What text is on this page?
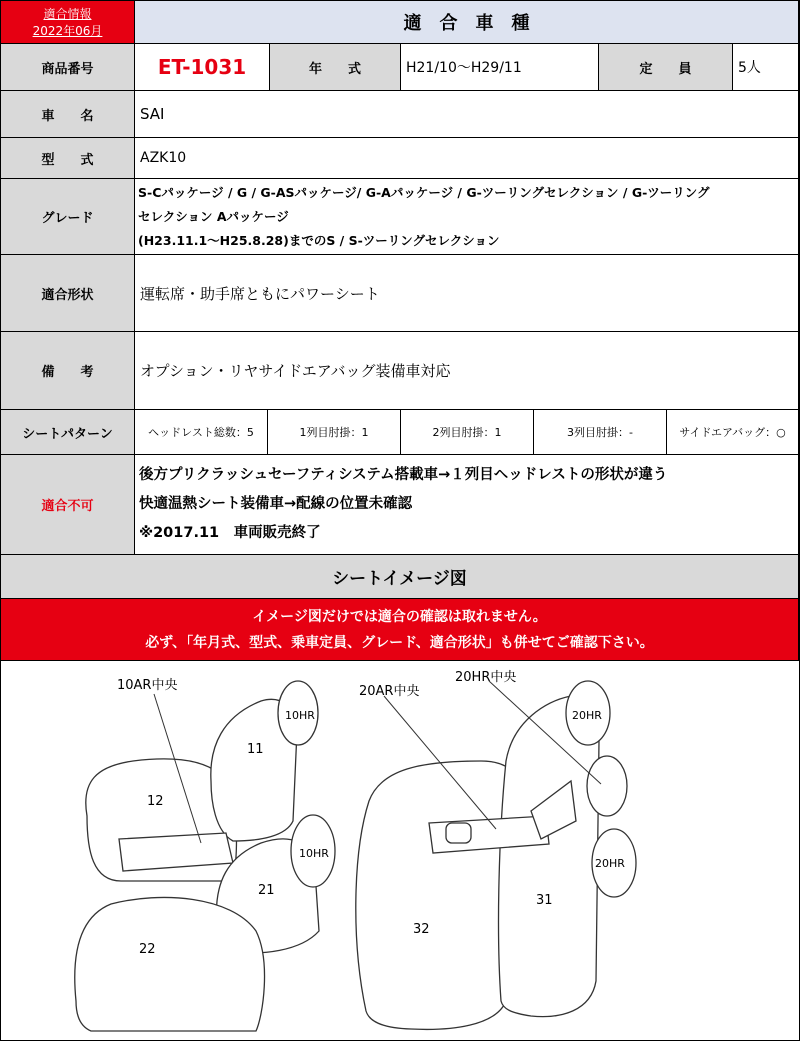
適合情報
2022年06月	適　合　車　種
商品番号	ET-1031	年　　式	H21/10〜H29/11	定　　員	5人
車　　名	SAI
型　　式	AZK10
グレード
S-Cパッケージ / G / G-ASパッケージ/ G-Aパッケージ / G-ツーリングセレクション / G-ツーリング
セレクション Aパッケージ
(H23.11.1〜H25.8.28)までのS / S-ツーリングセレクション
適合形状	運転席・助手席ともにパワーシート
備　　考	オプション・リヤサイドエアバッグ装備車対応
シートパターン	ヘッドレスト総数：5	1列目肘掛：1	2列目肘掛：1	3列目肘掛：-	サイドエアバッグ：○
適合不可
後方プリクラッシュセーフティシステム搭載車→１列目ヘッドレストの形状が違う
快適温熱シート装備車→配線の位置未確認
※2017.11　車両販売終了
シートイメージ図
イメージ図だけでは適合の確認は取れません。
必ず、「年月式、型式、乗車定員、グレード、適合形状」も併せてご確認下さい。
10AR中央
10HR
11
12
10HR
21
22
20AR中央
20HR中央
20HR
20HR
31
32
